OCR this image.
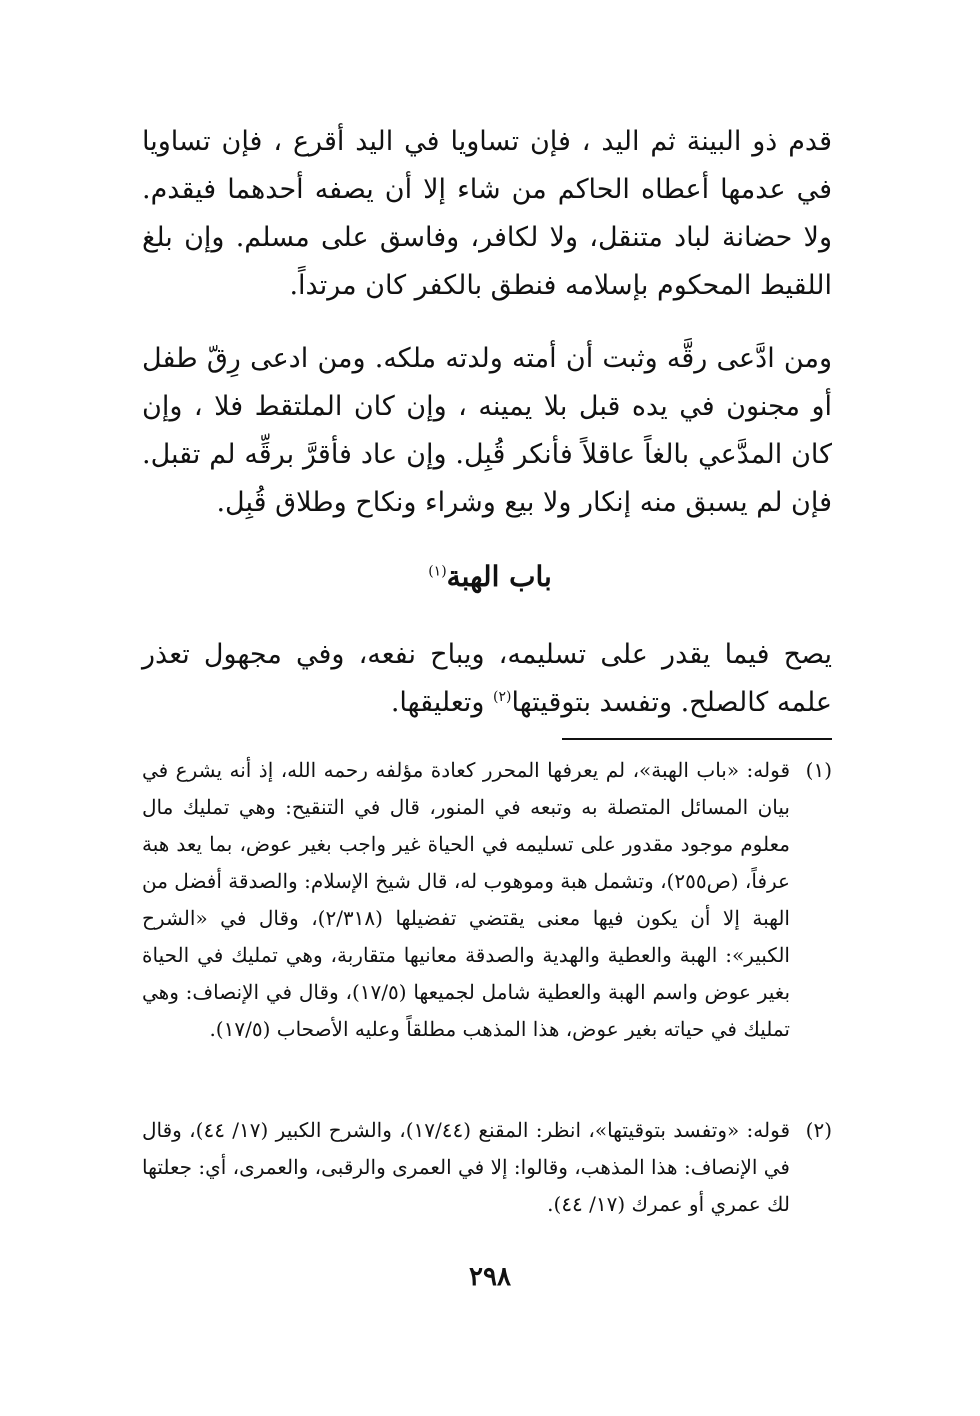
قدم ذو البينة ثم اليد ، فإن تساويا في اليد أقرع ، فإن تساويا في عدمها أعطاه الحاكم من شاء إلا أن يصفه أحدهما فيقدم. ولا حضانة لباد متنقل، ولا لكافر، وفاسق على مسلم. وإن بلغ اللقيط المحكوم بإسلامه فنطق بالكفر كان مرتداً.

ومن ادَّعى رقَّه وثبت أن أمته ولدته ملكه. ومن ادعى رِقّ طفل أو مجنون في يده قبل بلا يمينه ، وإن كان الملتقط فلا ، وإن كان المدَّعي بالغاً عاقلاً فأنكر قُبِل. وإن عاد فأقرَّ برقِّه لم تقبل. فإن لم يسبق منه إنكار ولا بيع وشراء ونكاح وطلاق قُبِل.

باب الهبة$^{(١)}$

يصح فيما يقدر على تسليمه، ويباح نفعه، وفي مجهول تعذر علمه كالصلح. وتفسد بتوقيتها$^{(٢)}$ وتعليقها.

(١)
قوله: «باب الهبة»، لم يعرفها المحرر كعادة مؤلفه رحمه الله، إذ أنه يشرع في بيان المسائل المتصلة به وتبعه في المنور، قال في التنقيح: وهي تمليك مال معلوم موجود مقدور على تسليمه في الحياة غير واجب بغير عوض، بما يعد هبة عرفاً، (ص٢٥٥)، وتشمل هبة وموهوب له، قال شيخ الإسلام: والصدقة أفضل من الهبة إلا أن يكون فيها معنى يقتضي تفضيلها (٢/٣١٨)، وقال في «الشرح الكبير»: الهبة والعطية والهدية والصدقة معانيها متقاربة، وهي تمليك في الحياة بغير عوض واسم الهبة والعطية شامل لجميعها (١٧/٥)، وقال في الإنصاف: وهي تمليك في حياته بغير عوض، هذا المذهب مطلقاً وعليه الأصحاب (١٧/٥).
(٢)
قوله: «وتفسد بتوقيتها»، انظر: المقنع (١٧/٤٤)، والشرح الكبير (١٧/ ٤٤)، وقال في الإنصاف: هذا المذهب، وقالوا: إلا في العمرى والرقبى، والعمرى، أي: جعلتها لك عمري أو عمرك (١٧/ ٤٤).

٢٩٨
